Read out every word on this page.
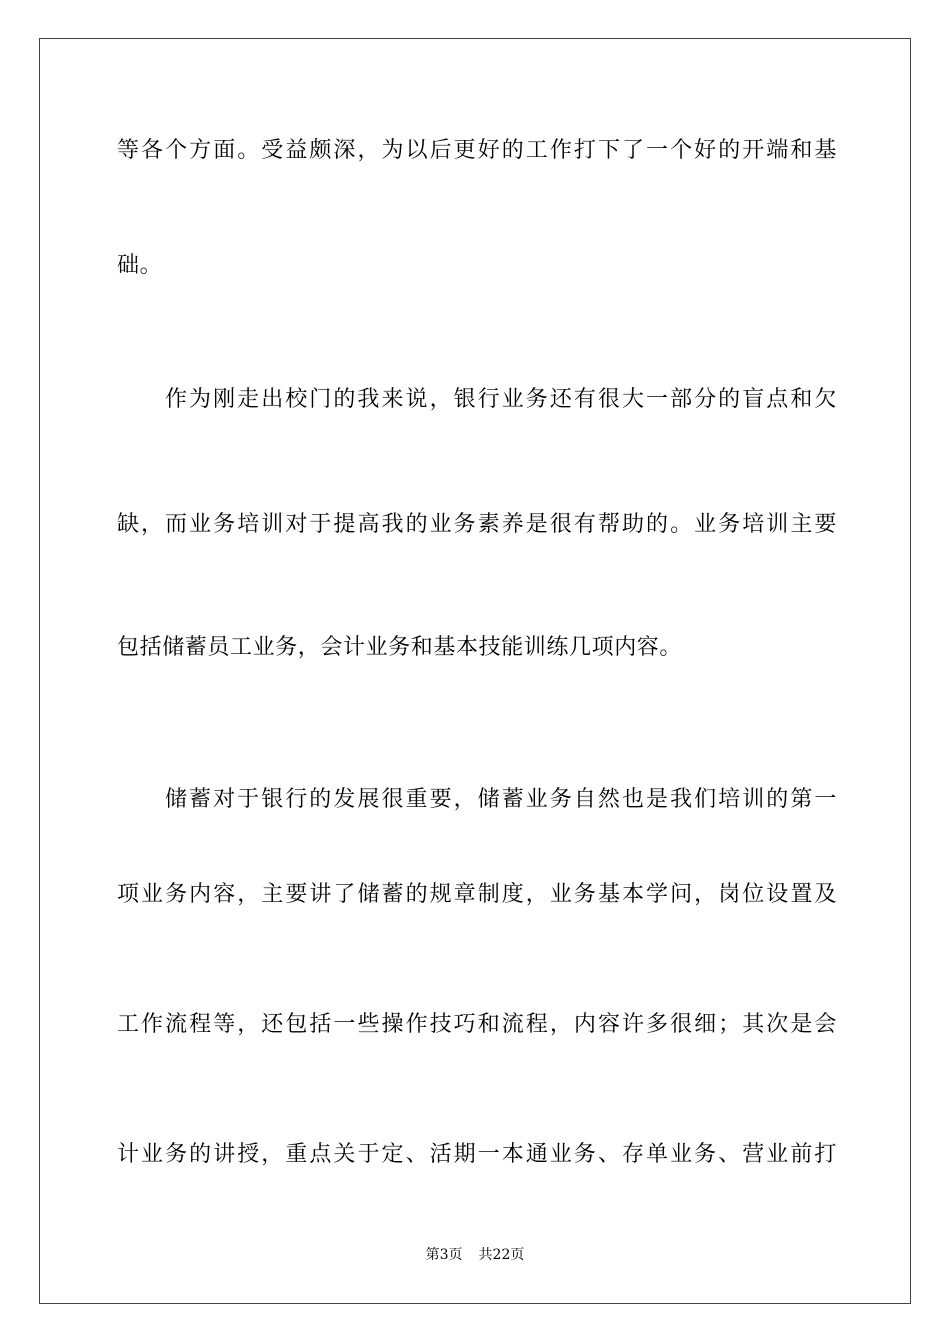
等各个方面。受益颇深，为以后更好的工作打下了一个好的开端和基
础。
作为刚走出校门的我来说，银行业务还有很大一部分的盲点和欠
缺，而业务培训对于提高我的业务素养是很有帮助的。业务培训主要
包括储蓄员工业务，会计业务和基本技能训练几项内容。
储蓄对于银行的发展很重要，储蓄业务自然也是我们培训的第一
项业务内容，主要讲了储蓄的规章制度，业务基本学问，岗位设置及
工作流程等，还包括一些操作技巧和流程，内容许多很细；其次是会
计业务的讲授，重点关于定、活期一本通业务、存单业务、营业前打
第3页 共22页
